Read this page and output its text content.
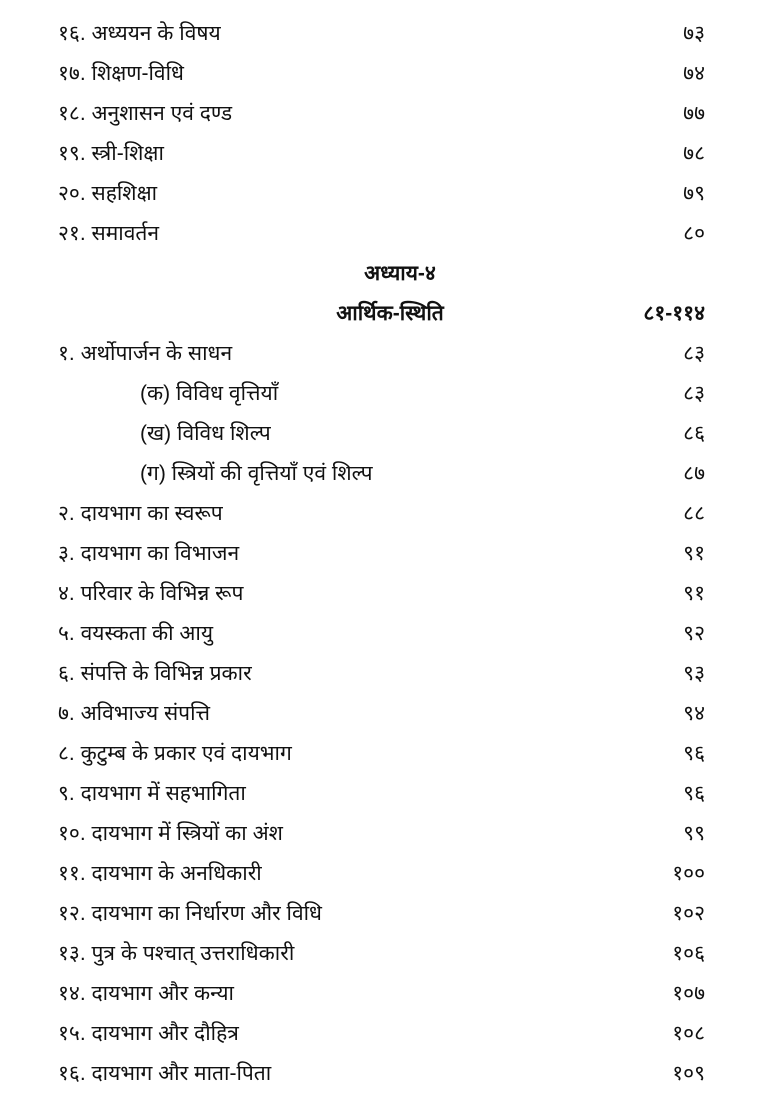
१६. अध्ययन के विषय	७३
१७. शिक्षण-विधि	७४
१८. अनुशासन एवं दण्ड	७७
१९. स्त्री-शिक्षा	७८
२०. सहशिक्षा	७९
२१. समावर्तन	८०
अध्याय-४
आर्थिक-स्थिति	८१-११४
१. अर्थोपार्जन के साधन	८३
(क) विविध वृत्तियाँ	८३
(ख) विविध शिल्प	८६
(ग) स्त्रियों की वृत्तियाँ एवं शिल्प	८७
२. दायभाग का स्वरूप	८८
३. दायभाग का विभाजन	९१
४. परिवार के विभिन्न रूप	९१
५. वयस्कता की आयु	९२
६. संपत्ति के विभिन्न प्रकार	९३
७. अविभाज्य संपत्ति	९४
८. कुटुम्ब के प्रकार एवं दायभाग	९६
९. दायभाग में सहभागिता	९६
१०. दायभाग में स्त्रियों का अंश	९९
११. दायभाग के अनधिकारी	१००
१२. दायभाग का निर्धारण और विधि	१०२
१३. पुत्र के पश्चात् उत्तराधिकारी	१०६
१४. दायभाग और कन्या	१०७
१५. दायभाग और दौहित्र	१०८
१६. दायभाग और माता-पिता	१०९
